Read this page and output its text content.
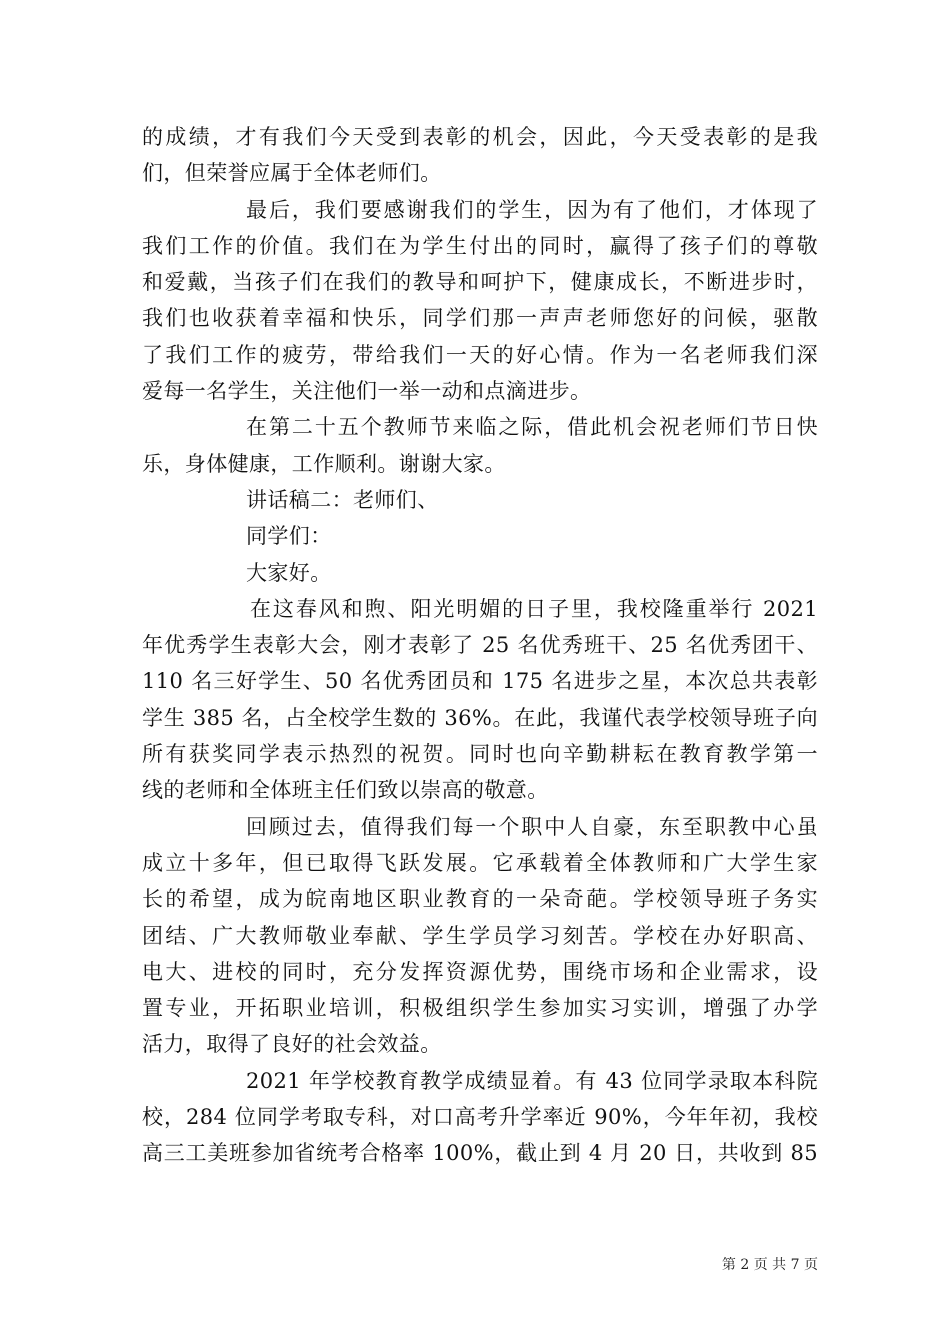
的成绩，才有我们今天受到表彰的机会，因此，今天受表彰的是我
们，但荣誉应属于全体老师们。
最后，我们要感谢我们的学生，因为有了他们，才体现了
我们工作的价值。我们在为学生付出的同时，赢得了孩子们的尊敬
和爱戴，当孩子们在我们的教导和呵护下，健康成长，不断进步时，
我们也收获着幸福和快乐，同学们那一声声老师您好的问候，驱散
了我们工作的疲劳，带给我们一天的好心情。作为一名老师我们深
爱每一名学生，关注他们一举一动和点滴进步。
在第二十五个教师节来临之际，借此机会祝老师们节日快
乐，身体健康，工作顺利。谢谢大家。
讲话稿二：老师们、
同学们：
大家好。
在这春风和煦、阳光明媚的日子里，我校隆重举行 2021
年优秀学生表彰大会，刚才表彰了 25 名优秀班干、25 名优秀团干、
110 名三好学生、50 名优秀团员和 175 名进步之星，本次总共表彰
学生 385 名，占全校学生数的 36%。在此，我谨代表学校领导班子向
所有获奖同学表示热烈的祝贺。同时也向辛勤耕耘在教育教学第一
线的老师和全体班主任们致以崇高的敬意。
回顾过去，值得我们每一个职中人自豪，东至职教中心虽
成立十多年，但已取得飞跃发展。它承载着全体教师和广大学生家
长的希望，成为皖南地区职业教育的一朵奇葩。学校领导班子务实
团结、广大教师敬业奉献、学生学员学习刻苦。学校在办好职高、
电大、进校的同时，充分发挥资源优势，围绕市场和企业需求，设
置专业，开拓职业培训，积极组织学生参加实习实训，增强了办学
活力，取得了良好的社会效益。
2021 年学校教育教学成绩显着。有 43 位同学录取本科院
校，284 位同学考取专科，对口高考升学率近 90%，今年年初，我校
高三工美班参加省统考合格率 100%，截止到 4 月 20 日，共收到 85
第 2 页 共 7 页
